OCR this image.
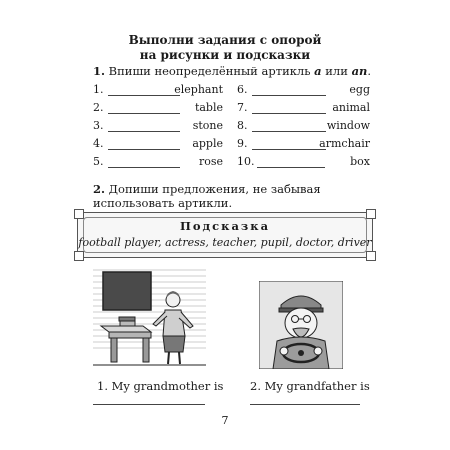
Выполни задания с опорой
на рисунки и подсказки
1. Впиши неопределённый артикль a или an.
1.	elephant
2.	table
3.	stone
4.	apple
5.	rose
6.	egg
7.	animal
8.	window
9.	armchair
10.	box
2. Допиши предложения, не забывая использовать артикли.
Подсказка
football player, actress, teacher, pupil, doctor, driver
1. My grandmother is 2. My grandfather is
7
